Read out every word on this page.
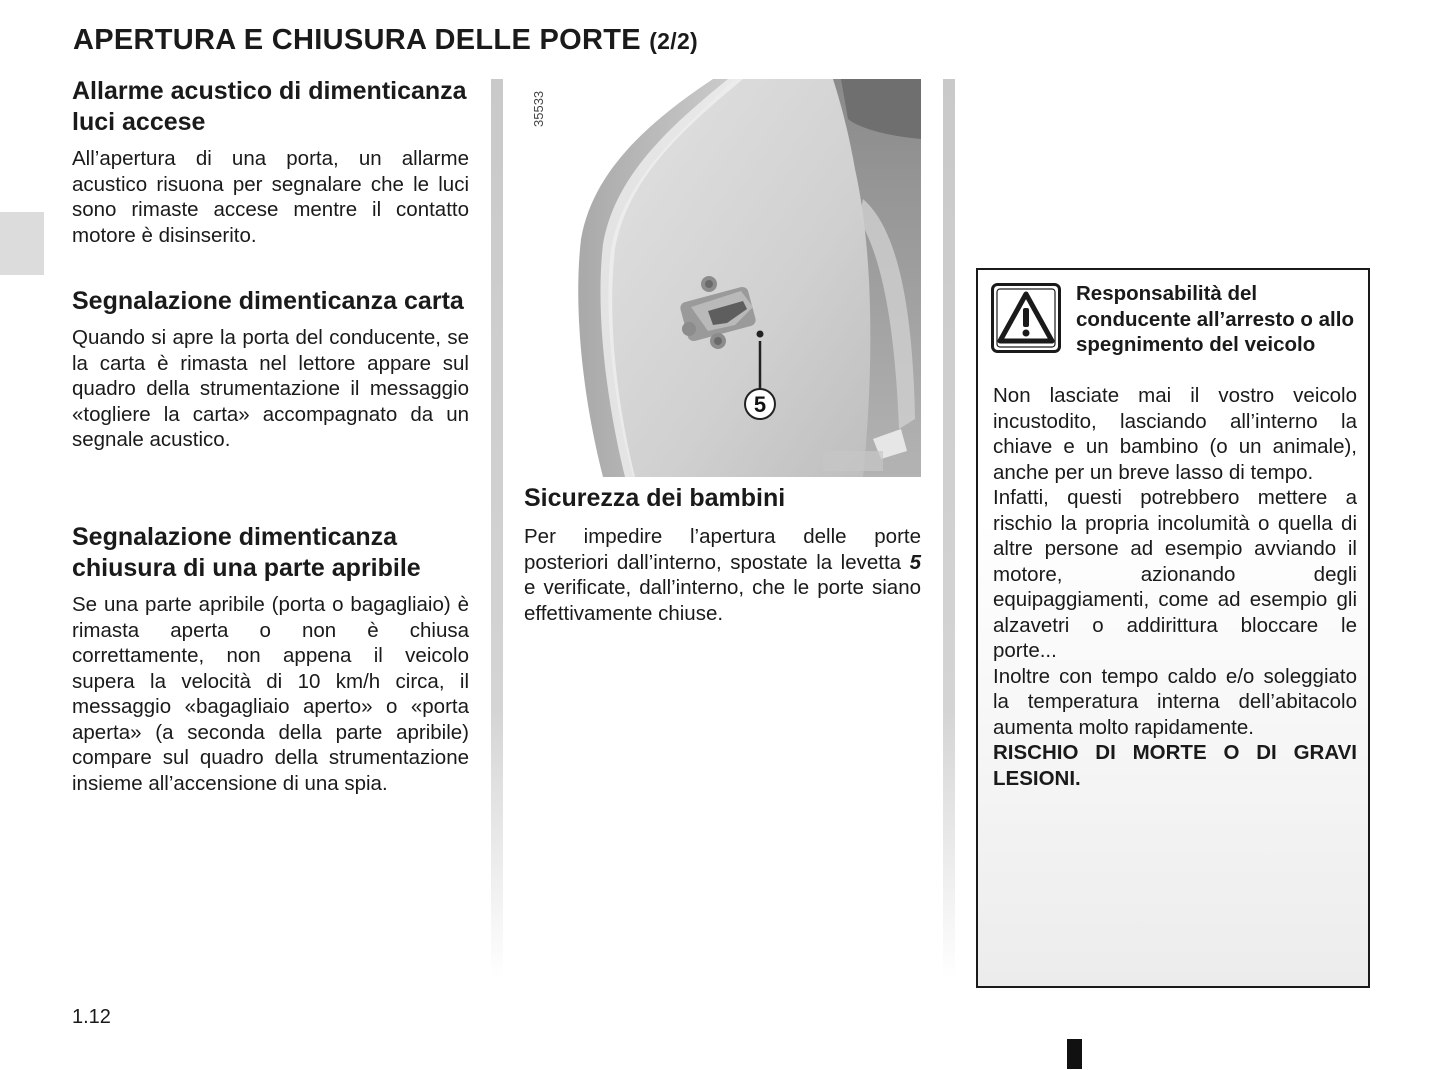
APERTURA E CHIUSURA DELLE PORTE (2/2)
Allarme acustico di dimenticanza luci accese

All’apertura di una porta, un allarme acustico risuona per segnalare che le luci sono rimaste accese mentre il contatto motore è disinserito.

Segnalazione dimenticanza carta

Quando si apre la porta del conducente, se la carta è rimasta nel lettore appare sul quadro della strumentazione il messaggio «togliere la carta» accompagnato da un segnale acustico.

Segnalazione dimenticanza chiusura di una parte apribile

Se una parte apribile (porta o bagagliaio) è rimasta aperta o non è chiusa correttamente, non appena il veicolo supera la velocità di 10 km/h circa, il messaggio «bagagliaio aperto» o «porta aperta» (a seconda della parte apribile) compare sul quadro della strumentazione insieme all’accensione di una spia.

5
35533
Sicurezza dei bambini

Per impedire l’apertura delle porte posteriori dall’interno, spostate la levetta 5 e verificate, dall’interno, che le porte siano effettivamente chiuse.

Responsabilità del conducente all’arresto o allo spegnimento del veicolo

Non lasciate mai il vostro veicolo incustodito, lasciando all’interno la chiave e un bambino (o un animale), anche per un breve lasso di tempo.

Infatti, questi potrebbero mettere a rischio la propria incolumità o quella di altre persone ad esempio avviando il motore, azionando degli equipaggiamenti, come ad esempio gli alzavetri o addirittura bloccare le porte...

Inoltre con tempo caldo e/o soleggiato la temperatura interna dell’abitacolo aumenta molto rapidamente.

RISCHIO DI MORTE O DI GRAVI LESIONI.

1.12
